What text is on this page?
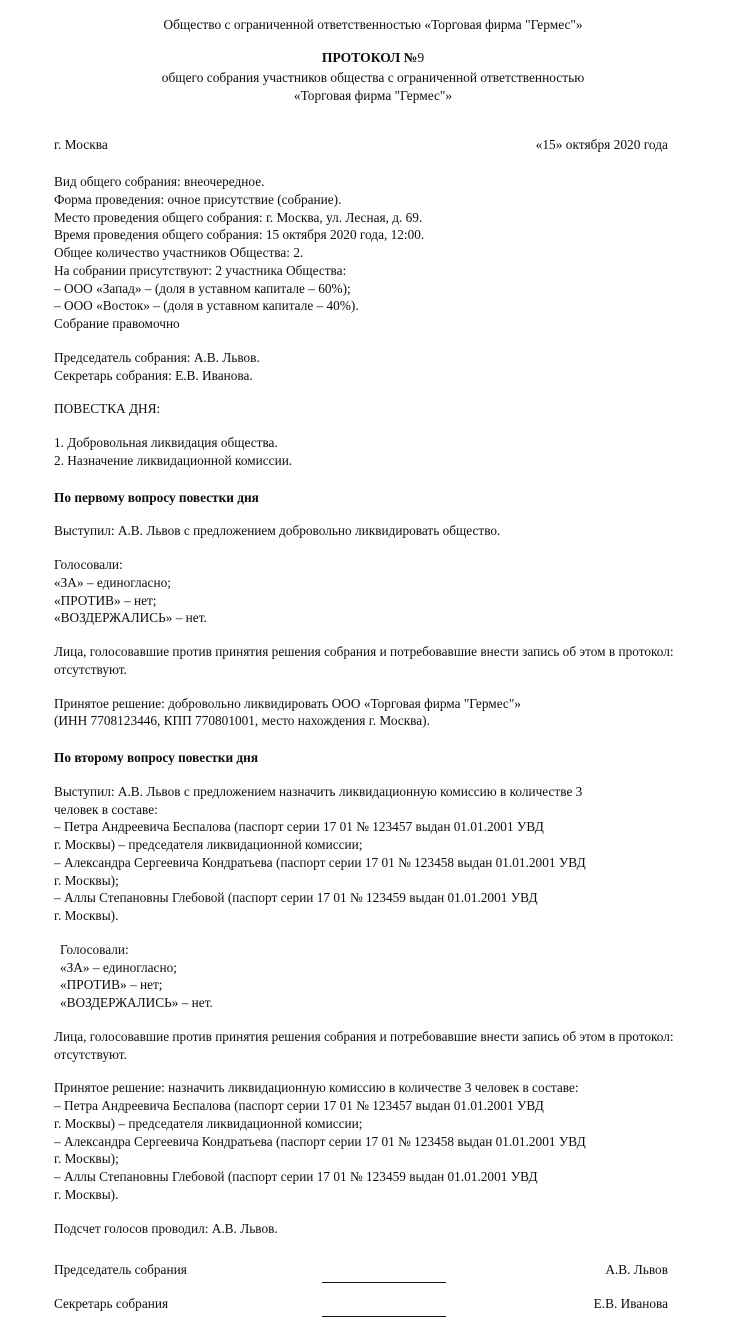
Общество с ограниченной ответственностью «Торговая фирма "Гермес"»
ПРОТОКОЛ №9
общего собрания участников общества с ограниченной ответственностью
«Торговая фирма "Гермес"»
г. Москва	«15» октября 2020 года
Вид общего собрания: внеочередное.
Форма проведения: очное присутствие (собрание).
Место проведения общего собрания: г. Москва, ул. Лесная, д. 69.
Время проведения общего собрания: 15 октября 2020 года, 12:00.
Общее количество участников Общества: 2.
На собрании присутствуют: 2 участника Общества:
– ООО «Запад» – (доля в уставном капитале – 60%);
– ООО «Восток» – (доля в уставном капитале – 40%).
Собрание правомочно
Председатель собрания: А.В. Львов.
Секретарь собрания: Е.В. Иванова.
ПОВЕСТКА ДНЯ:
1. Добровольная ликвидация общества.
2. Назначение ликвидационной комиссии.
По первому вопросу повестки дня
Выступил: А.В. Львов с предложением добровольно ликвидировать общество.
Голосовали:
«ЗА» – единогласно;
«ПРОТИВ» – нет;
«ВОЗДЕРЖАЛИСЬ» – нет.
Лица, голосовавшие против принятия решения собрания и потребовавшие внести запись об этом в протокол: отсутствуют.
Принятое решение: добровольно ликвидировать ООО «Торговая фирма "Гермес"»
(ИНН 7708123446, КПП 770801001, место нахождения г. Москва).
По второму вопросу повестки дня
Выступил: А.В. Львов с предложением назначить ликвидационную комиссию в количестве 3
человек в составе:
– Петра Андреевича Беспалова (паспорт серии 17 01 № 123457 выдан 01.01.2001 УВД
г. Москвы) – председателя ликвидационной комиссии;
– Александра Сергеевича Кондратьева (паспорт серии 17 01 № 123458 выдан 01.01.2001 УВД
г. Москвы);
– Аллы Степановны Глебовой (паспорт серии 17 01 № 123459 выдан 01.01.2001 УВД
г. Москвы).
Голосовали:
«ЗА» – единогласно;
«ПРОТИВ» – нет;
«ВОЗДЕРЖАЛИСЬ» – нет.
Лица, голосовавшие против принятия решения собрания и потребовавшие внести запись об этом в протокол: отсутствуют.
Принятое решение: назначить ликвидационную комиссию в количестве 3 человек в составе:
– Петра Андреевича Беспалова (паспорт серии 17 01 № 123457 выдан 01.01.2001 УВД
г. Москвы) – председателя ликвидационной комиссии;
– Александра Сергеевича Кондратьева (паспорт серии 17 01 № 123458 выдан 01.01.2001 УВД
г. Москвы);
– Аллы Степановны Глебовой (паспорт серии 17 01 № 123459 выдан 01.01.2001 УВД
г. Москвы).
Подсчет голосов проводил: А.В. Львов.
Председатель собрания	А.В. Львов
Секретарь собрания	Е.В. Иванова
